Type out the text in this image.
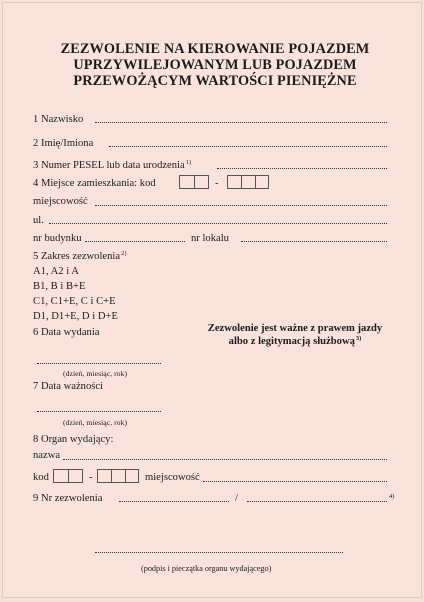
ZEZWOLENIE NA KIEROWANIE POJAZDEM
UPRZYWILEJOWANYM LUB POJAZDEM
PRZEWOŻĄCYM WARTOŚCI PIENIĘŻNE
1 Nazwisko
2 Imię/Imiona
3 Numer PESEL lub data urodzenia$^{1)}$
4 Miejsce zamieszkania: kod	-
miejscowość
ul.
nr budynku	nr lokalu
5 Zakres zezwolenia$^{2)}$
A1, A2 i A
B1, B i B+E
C1, C1+E, C i C+E
D1, D1+E, D i D+E
6 Data wydania	Zezwolenie jest ważne z prawem jazdy
albo z legitymacją służbową$^{3)}$
(dzień, miesiąc, rok)
7 Data ważności
(dzień, miesiąc, rok)
8 Organ wydający:
nazwa
kod	-	miejscowość
9 Nr zezwolenia	/	4)
(podpis i pieczątka organu wydającego)
